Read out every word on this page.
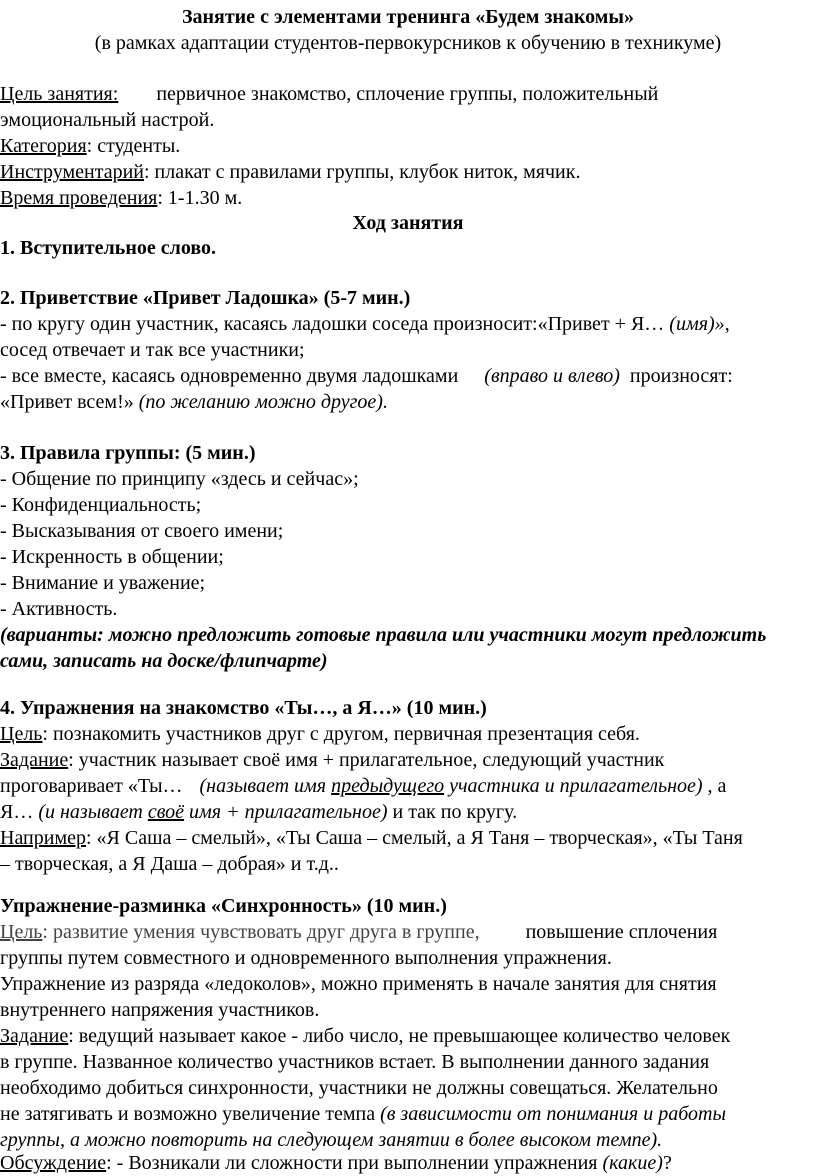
Занятие с элементами тренинга «Будем знакомы»
(в рамках адаптации студентов-первокурсников к обучению в техникуме)
Цель занятия: первичное знакомство, сплочение группы, положительный
эмоциональный настрой.
Категория: студенты.
Инструментарий: плакат с правилами группы, клубок ниток, мячик.
Время проведения: 1-1.30 м.
Ход занятия
1. Вступительное слово.
2. Приветствие «Привет Ладошка» (5-7 мин.)
- по кругу один участник, касаясь ладошки соседа произносит:«Привет + Я… (имя)»,
сосед отвечает и так все участники;
- все вместе, касаясь одновременно двумя ладошками (вправо и влево) произносят:
«Привет всем!» (по желанию можно другое).
3. Правила группы: (5 мин.)
- Общение по принципу «здесь и сейчас»;
- Конфиденциальность;
- Высказывания от своего имени;
- Искренность в общении;
- Внимание и уважение;
- Активность.
(варианты: можно предложить готовые правила или участники могут предложить
сами, записать на доске/флипчарте)
4. Упражнения на знакомство «Ты…, а Я…» (10 мин.)
Цель: познакомить участников друг с другом, первичная презентация себя.
Задание: участник называет своё имя + прилагательное, следующий участник
проговаривает «Ты… (называет имя предыдущего участника и прилагательное) , а
Я… (и называет своё имя + прилагательное) и так по кругу.
Например: «Я Саша – смелый», «Ты Саша – смелый, а Я Таня – творческая», «Ты Таня
– творческая, а Я Даша – добрая» и т.д..
Упражнение-разминка «Синхронность» (10 мин.)
Цель: развитие умения чувствовать друг друга в группе, повышение сплочения
группы путем совместного и одновременного выполнения упражнения.
Упражнение из разряда «ледоколов», можно применять в начале занятия для снятия
внутреннего напряжения участников.
Задание: ведущий называет какое - либо число, не превышающее количество человек
в группе. Названное количество участников встает. В выполнении данного задания
необходимо добиться синхронности, участники не должны совещаться. Желательно
не затягивать и возможно увеличение темпа (в зависимости от понимания и работы
группы, а можно повторить на следующем занятии в более высоком темпе).
Обсуждение: - Возникали ли сложности при выполнении упражнения (какие)?
